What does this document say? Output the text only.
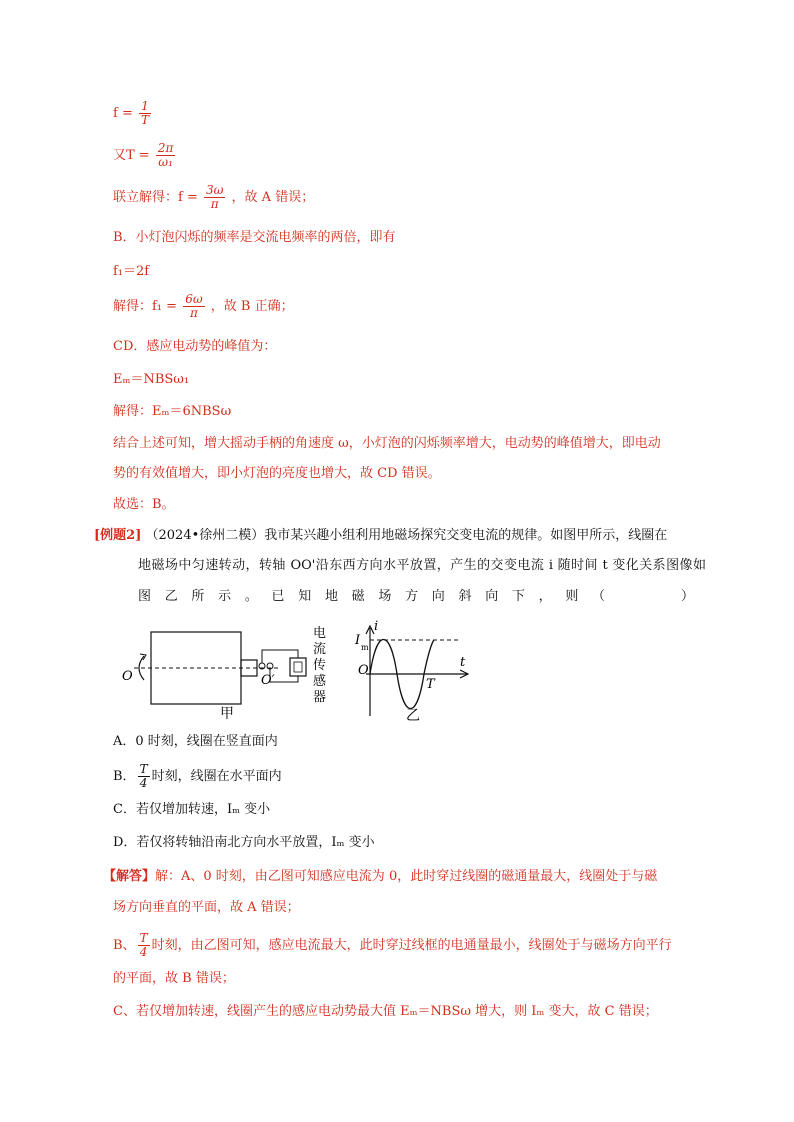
$f = \frac{1}{T}$
又$T = \frac{2\pi}{\text{ω₁}}$
联立解得：$f = \frac{3\omega}{\pi}$ ，故 A 错误；
B．小灯泡闪烁的频率是交流电频率的两倍，即有
f₁＝2f
解得：$f_1 = \frac{6\omega}{\pi}$ ，故 B 正确；
CD．感应电动势的峰值为：
Eₘ＝NBSω₁
解得：Eₘ＝6NBSω
结合上述可知，增大摇动手柄的角速度 ω，小灯泡的闪烁频率增大，电动势的峰值增大，即电动
势的有效值增大，即小灯泡的亮度也增大，故 CD 错误。
故选：B。
[例题2] （2024•徐州二模）我市某兴趣小组利用地磁场探究交变电流的规律。如图甲所示，线圈在
地磁场中匀速转动，转轴 OO'沿东西方向水平放置，产生的交变电流 i 随时间 t 变化关系图像如
图 乙 所 示 。 已 知 地 磁 场 方 向 斜 向 下 ， 则 （　　　　）
O	O′
电
流
传
感
器
甲
i
I m
t
O
T
乙
A．0 时刻，线圈在竖直面内
B． $\frac{T}{4}$ 时刻，线圈在水平面内
C．若仅增加转速，Iₘ 变小
D．若仅将转轴沿南北方向水平放置，Iₘ 变小
【解答】解：A、0 时刻，由乙图可知感应电流为 0，此时穿过线圈的磁通量最大，线圈处于与磁
场方向垂直的平面，故 A 错误；
B、 $\frac{T}{4}$ 时刻，由乙图可知，感应电流最大，此时穿过线框的电通量最小，线圈处于与磁场方向平行
的平面，故 B 错误；
C、若仅增加转速，线圈产生的感应电动势最大值 Eₘ＝NBSω 增大，则 Iₘ 变大，故 C 错误；
